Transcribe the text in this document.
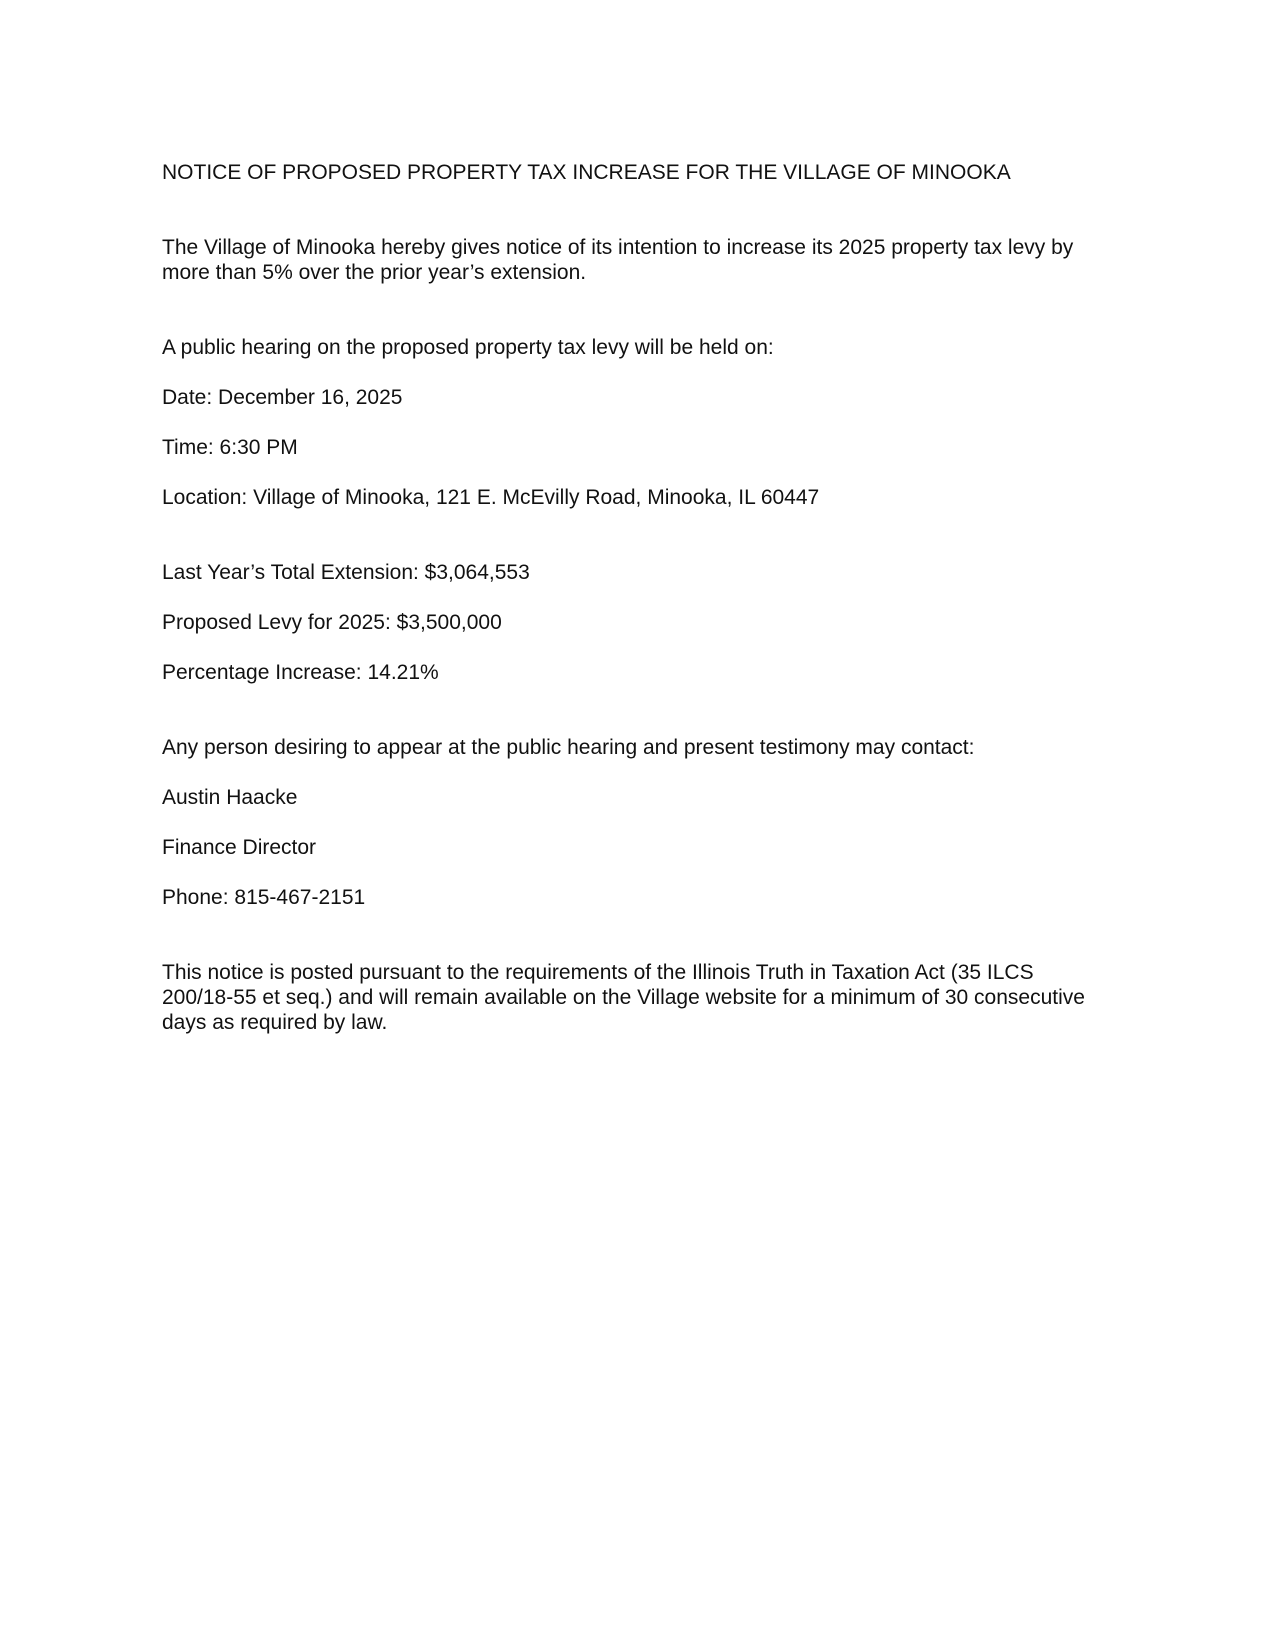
NOTICE OF PROPOSED PROPERTY TAX INCREASE FOR THE VILLAGE OF MINOOKA

The Village of Minooka hereby gives notice of its intention to increase its 2025 property tax levy by more than 5% over the prior year’s extension.

A public hearing on the proposed property tax levy will be held on:

Date: December 16, 2025

Time: 6:30 PM

Location: Village of Minooka, 121 E. McEvilly Road, Minooka, IL 60447

Last Year’s Total Extension: $3,064,553

Proposed Levy for 2025: $3,500,000

Percentage Increase: 14.21%

Any person desiring to appear at the public hearing and present testimony may contact:

Austin Haacke

Finance Director

Phone: 815-467-2151

This notice is posted pursuant to the requirements of the Illinois Truth in Taxation Act (35 ILCS 200/18-55 et seq.) and will remain available on the Village website for a minimum of 30 consecutive days as required by law.
